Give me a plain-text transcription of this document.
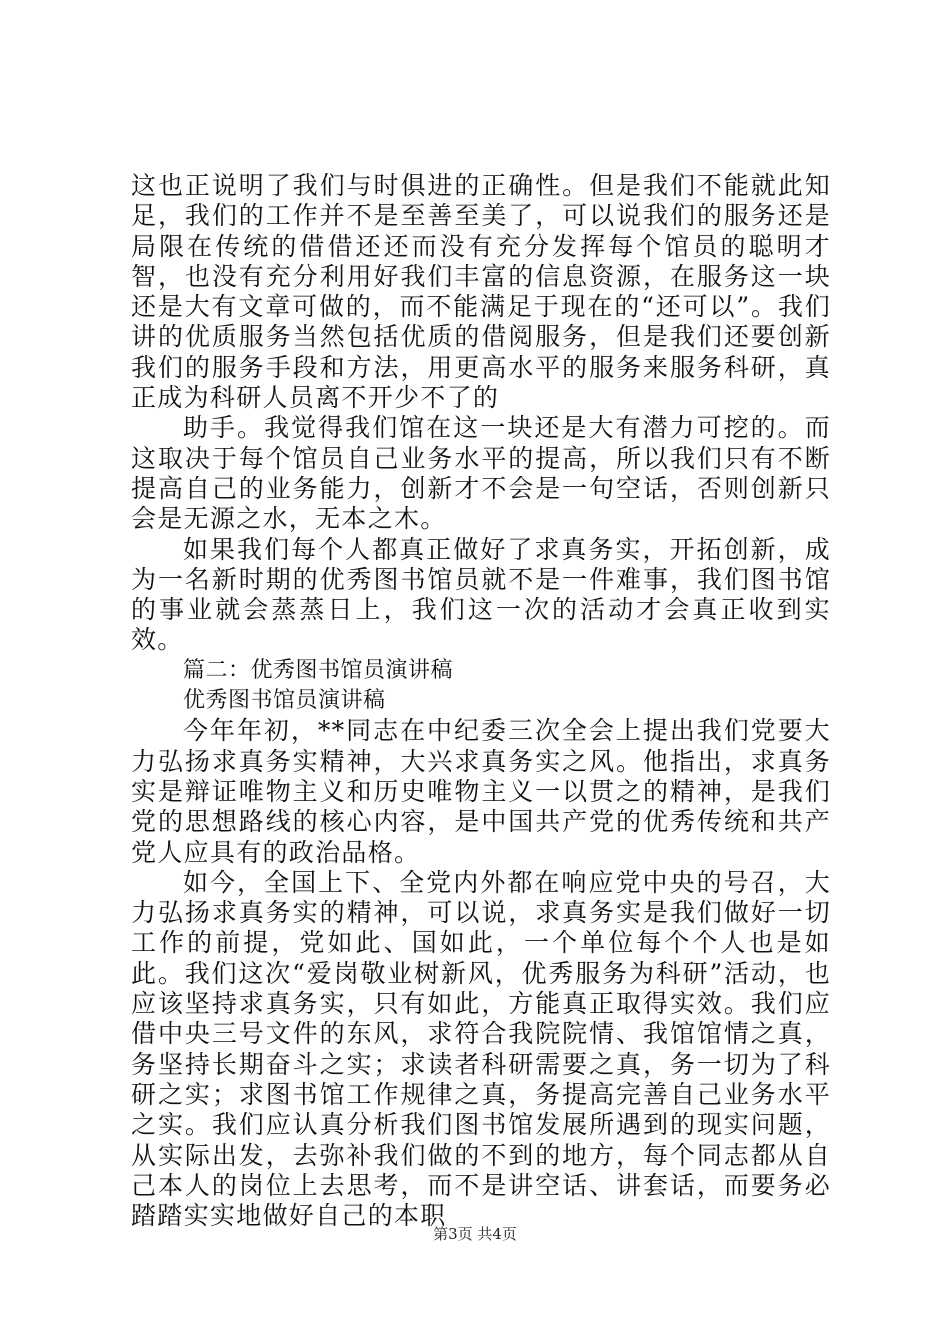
这也正说明了我们与时俱进的正确性。但是我们不能就此知足，我们的工作并不是至善至美了，可以说我们的服务还是局限在传统的借借还还而没有充分发挥每个馆员的聪明才智，也没有充分利用好我们丰富的信息资源，在服务这一块还是大有文章可做的，而不能满足于现在的“还可以”。我们讲的优质服务当然包括优质的借阅服务，但是我们还要创新我们的服务手段和方法，用更高水平的服务来服务科研，真正成为科研人员离不开少不了的

助手。我觉得我们馆在这一块还是大有潜力可挖的。而这取决于每个馆员自己业务水平的提高，所以我们只有不断提高自己的业务能力，创新才不会是一句空话，否则创新只会是无源之水，无本之木。

如果我们每个人都真正做好了求真务实，开拓创新，成为一名新时期的优秀图书馆员就不是一件难事，我们图书馆的事业就会蒸蒸日上，我们这一次的活动才会真正收到实效。

篇二：优秀图书馆员演讲稿

优秀图书馆员演讲稿

今年年初，**同志在中纪委三次全会上提出我们党要大力弘扬求真务实精神，大兴求真务实之风。他指出，求真务实是辩证唯物主义和历史唯物主义一以贯之的精神，是我们党的思想路线的核心内容，是中国共产党的优秀传统和共产党人应具有的政治品格。

如今，全国上下、全党内外都在响应党中央的号召，大力弘扬求真务实的精神，可以说，求真务实是我们做好一切工作的前提，党如此、国如此，一个单位每个个人也是如此。我们这次“爱岗敬业树新风，优秀服务为科研”活动，也应该坚持求真务实，只有如此，方能真正取得实效。我们应借中央三号文件的东风，求符合我院院情、我馆馆情之真，务坚持长期奋斗之实；求读者科研需要之真，务一切为了科研之实；求图书馆工作规律之真，务提高完善自己业务水平之实。我们应认真分析我们图书馆发展所遇到的现实问题，从实际出发，去弥补我们做的不到的地方，每个同志都从自己本人的岗位上去思考，而不是讲空话、讲套话，而要务必踏踏实实地做好自己的本职

第3页 共4页
